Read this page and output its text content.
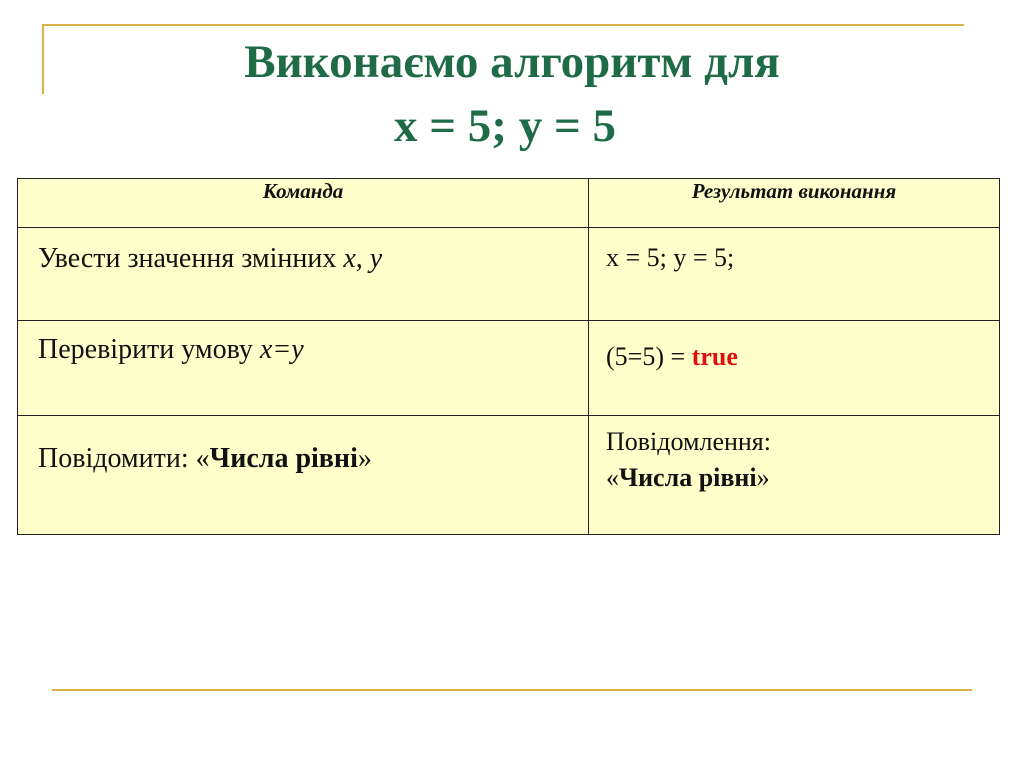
Виконаємо алгоритм для
x = 5; y = 5
Команда	Результат виконання
Увести значення змінних x, y	x = 5; y = 5;
Перевірити умову x=y	(5=5) = true
Повідомити: «Числа рівні»	Повідомлення:
«Числа рівні»
